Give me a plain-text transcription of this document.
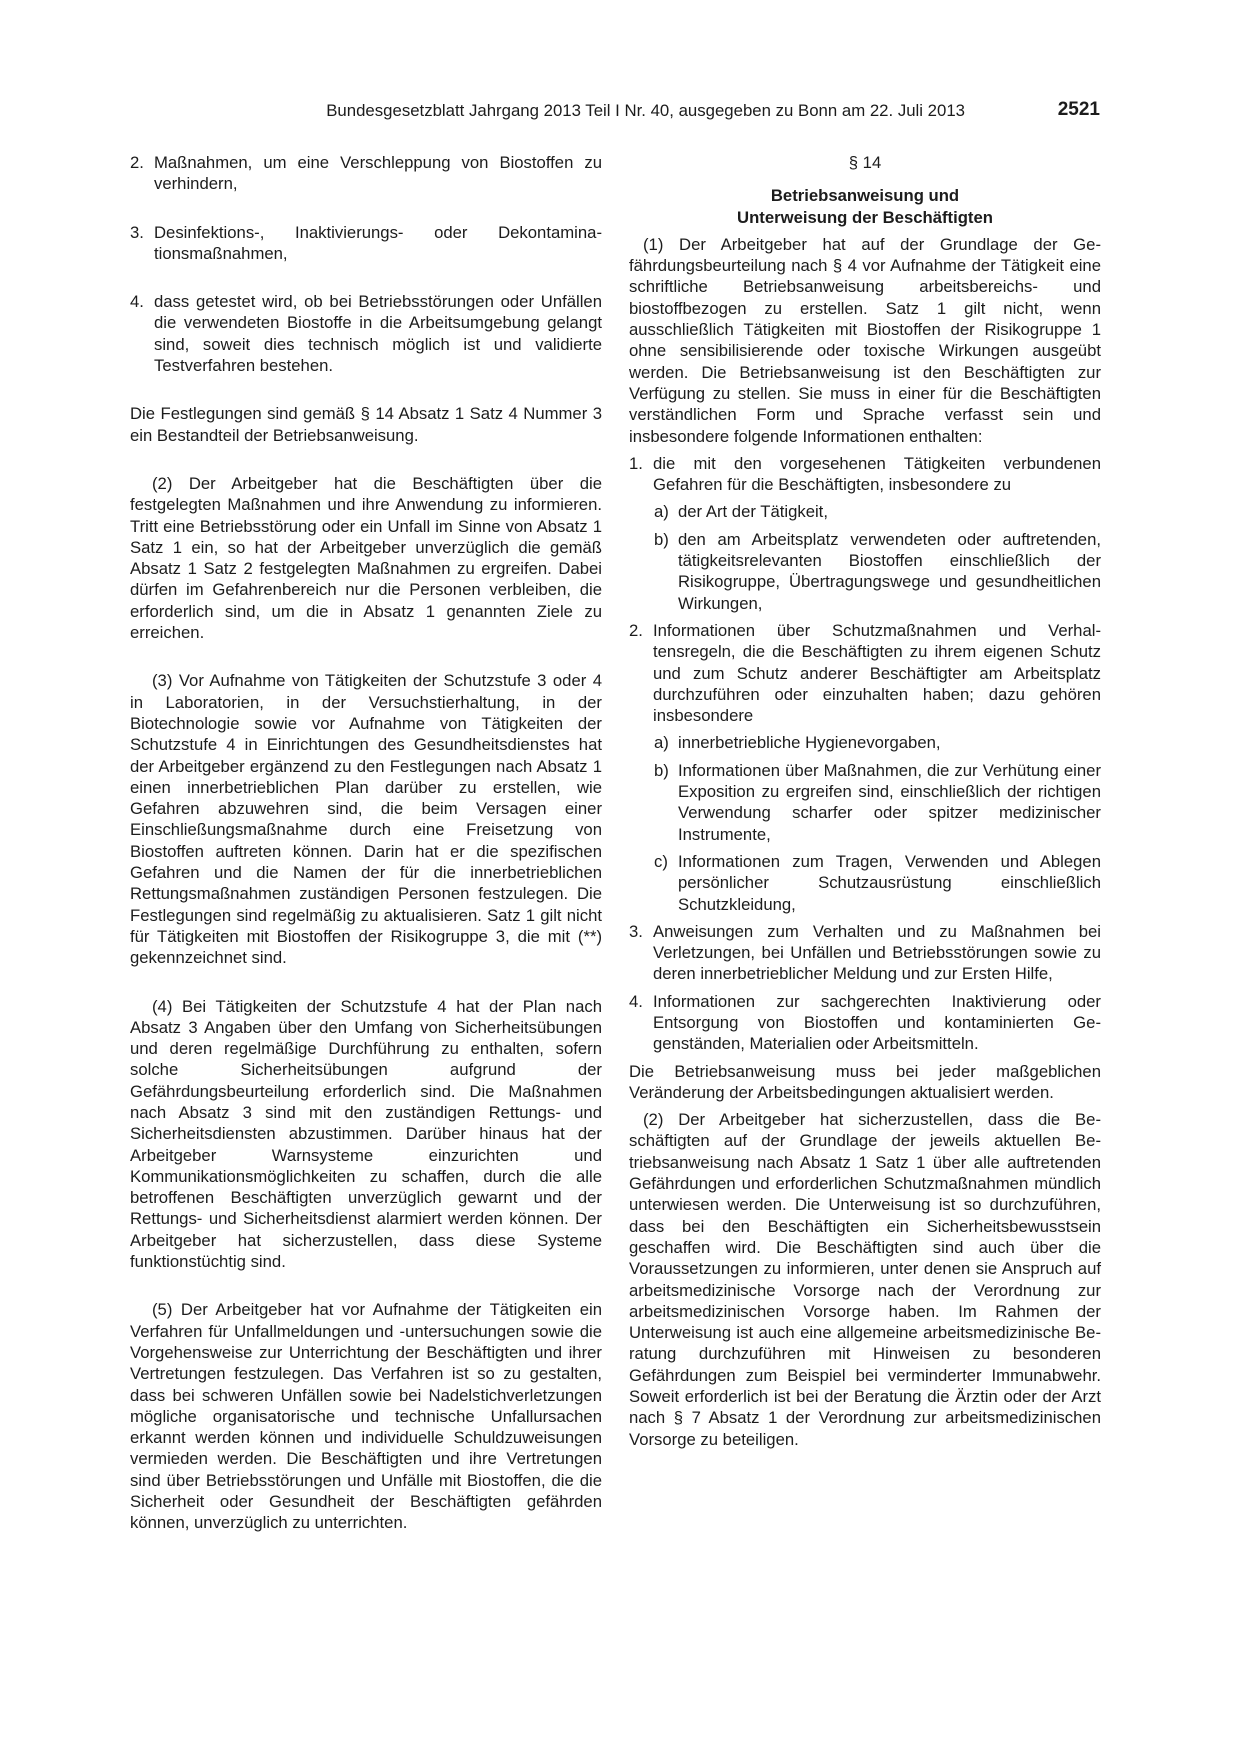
Bundesgesetzblatt Jahrgang 2013 Teil I Nr. 40, ausgegeben zu Bonn am 22. Juli 2013	2521
2. Maßnahmen, um eine Verschleppung von Biostoffen zu verhindern,
3. Desinfektions-, Inaktivierungs- oder Dekontaminationsmaßnahmen,
4. dass getestet wird, ob bei Betriebsstörungen oder Unfällen die verwendeten Biostoffe in die Arbeitsumgebung gelangt sind, soweit dies technisch möglich ist und validierte Testverfahren bestehen.

Die Festlegungen sind gemäß § 14 Absatz 1 Satz 4 Nummer 3 ein Bestandteil der Betriebsanweisung.

(2) Der Arbeitgeber hat die Beschäftigten über die festgelegten Maßnahmen und ihre Anwendung zu informieren. Tritt eine Betriebsstörung oder ein Unfall im Sinne von Absatz 1 Satz 1 ein, so hat der Arbeitgeber unverzüglich die gemäß Absatz 1 Satz 2 festgelegten Maßnahmen zu ergreifen. Dabei dürfen im Gefahrenbereich nur die Personen verbleiben, die erforderlich sind, um die in Absatz 1 genannten Ziele zu erreichen.

(3) Vor Aufnahme von Tätigkeiten der Schutzstufe 3 oder 4 in Laboratorien, in der Versuchstierhaltung, in der Biotechnologie sowie vor Aufnahme von Tätigkeiten der Schutzstufe 4 in Einrichtungen des Gesundheitsdienstes hat der Arbeitgeber ergänzend zu den Festlegungen nach Absatz 1 einen innerbetrieblichen Plan darüber zu erstellen, wie Gefahren abzuwehren sind, die beim Versagen einer Einschließungsmaßnahme durch eine Freisetzung von Biostoffen auftreten können. Darin hat er die spezifischen Gefahren und die Namen der für die innerbetrieblichen Rettungsmaßnahmen zuständigen Personen festzulegen. Die Festlegungen sind regelmäßig zu aktualisieren. Satz 1 gilt nicht für Tätigkeiten mit Biostoffen der Risikogruppe 3, die mit (**) gekennzeichnet sind.

(4) Bei Tätigkeiten der Schutzstufe 4 hat der Plan nach Absatz 3 Angaben über den Umfang von Sicherheitsübungen und deren regelmäßige Durchführung zu enthalten, sofern solche Sicherheitsübungen aufgrund der Gefährdungsbeurteilung erforderlich sind. Die Maßnahmen nach Absatz 3 sind mit den zuständigen Rettungs- und Sicherheitsdiensten abzustimmen. Darüber hinaus hat der Arbeitgeber Warnsysteme einzurichten und Kommunikationsmöglichkeiten zu schaffen, durch die alle betroffenen Beschäftigten unverzüglich gewarnt und der Rettungs- und Sicherheitsdienst alarmiert werden können. Der Arbeitgeber hat sicherzustellen, dass diese Systeme funktionstüchtig sind.

(5) Der Arbeitgeber hat vor Aufnahme der Tätigkeiten ein Verfahren für Unfallmeldungen und -untersuchungen sowie die Vorgehensweise zur Unterrichtung der Beschäftigten und ihrer Vertretungen festzulegen. Das Verfahren ist so zu gestalten, dass bei schweren Unfällen sowie bei Nadelstichverletzungen mögliche organisatorische und technische Unfallursachen erkannt werden können und individuelle Schuldzuweisungen vermieden werden. Die Beschäftigten und ihre Vertretungen sind über Betriebsstörungen und Unfälle mit Biostoffen, die die Sicherheit oder Gesundheit der Beschäftigten gefährden können, unverzüglich zu unterrichten.

§ 14

Betriebsanweisung und

Unterweisung der Beschäftigten

(1) Der Arbeitgeber hat auf der Grundlage der Gefährdungsbeurteilung nach § 4 vor Aufnahme der Tätigkeit eine schriftliche Betriebsanweisung arbeitsbereichs- und biostoffbezogen zu erstellen. Satz 1 gilt nicht, wenn ausschließlich Tätigkeiten mit Biostoffen der Risikogruppe 1 ohne sensibilisierende oder toxische Wirkungen ausgeübt werden. Die Betriebsanweisung ist den Beschäftigten zur Verfügung zu stellen. Sie muss in einer für die Beschäftigten verständlichen Form und Sprache verfasst sein und insbesondere folgende Informationen enthalten:

1. die mit den vorgesehenen Tätigkeiten verbundenen Gefahren für die Beschäftigten, insbesondere zu
a) der Art der Tätigkeit,
b) den am Arbeitsplatz verwendeten oder auftretenden, tätigkeitsrelevanten Biostoffen einschließlich der Risikogruppe, Übertragungswege und gesundheitlichen Wirkungen,
2. Informationen über Schutzmaßnahmen und Verhaltensregeln, die die Beschäftigten zu ihrem eigenen Schutz und zum Schutz anderer Beschäftigter am Arbeitsplatz durchzuführen oder einzuhalten haben; dazu gehören insbesondere
a) innerbetriebliche Hygienevorgaben,
b) Informationen über Maßnahmen, die zur Verhütung einer Exposition zu ergreifen sind, einschließlich der richtigen Verwendung scharfer oder spitzer medizinischer Instrumente,
c) Informationen zum Tragen, Verwenden und Ablegen persönlicher Schutzausrüstung einschließlich Schutzkleidung,
3. Anweisungen zum Verhalten und zu Maßnahmen bei Verletzungen, bei Unfällen und Betriebsstörungen sowie zu deren innerbetrieblicher Meldung und zur Ersten Hilfe,
4. Informationen zur sachgerechten Inaktivierung oder Entsorgung von Biostoffen und kontaminierten Gegenständen, Materialien oder Arbeitsmitteln.

Die Betriebsanweisung muss bei jeder maßgeblichen Veränderung der Arbeitsbedingungen aktualisiert werden.

(2) Der Arbeitgeber hat sicherzustellen, dass die Beschäftigten auf der Grundlage der jeweils aktuellen Betriebsanweisung nach Absatz 1 Satz 1 über alle auftretenden Gefährdungen und erforderlichen Schutzmaßnahmen mündlich unterwiesen werden. Die Unterweisung ist so durchzuführen, dass bei den Beschäftigten ein Sicherheitsbewusstsein geschaffen wird. Die Beschäftigten sind auch über die Voraussetzungen zu informieren, unter denen sie Anspruch auf arbeitsmedizinische Vorsorge nach der Verordnung zur arbeitsmedizinischen Vorsorge haben. Im Rahmen der Unterweisung ist auch eine allgemeine arbeitsmedizinische Beratung durchzuführen mit Hinweisen zu besonderen Gefährdungen zum Beispiel bei verminderter Immunabwehr. Soweit erforderlich ist bei der Beratung die Ärztin oder der Arzt nach § 7 Absatz 1 der Verordnung zur arbeitsmedizinischen Vorsorge zu beteiligen.
